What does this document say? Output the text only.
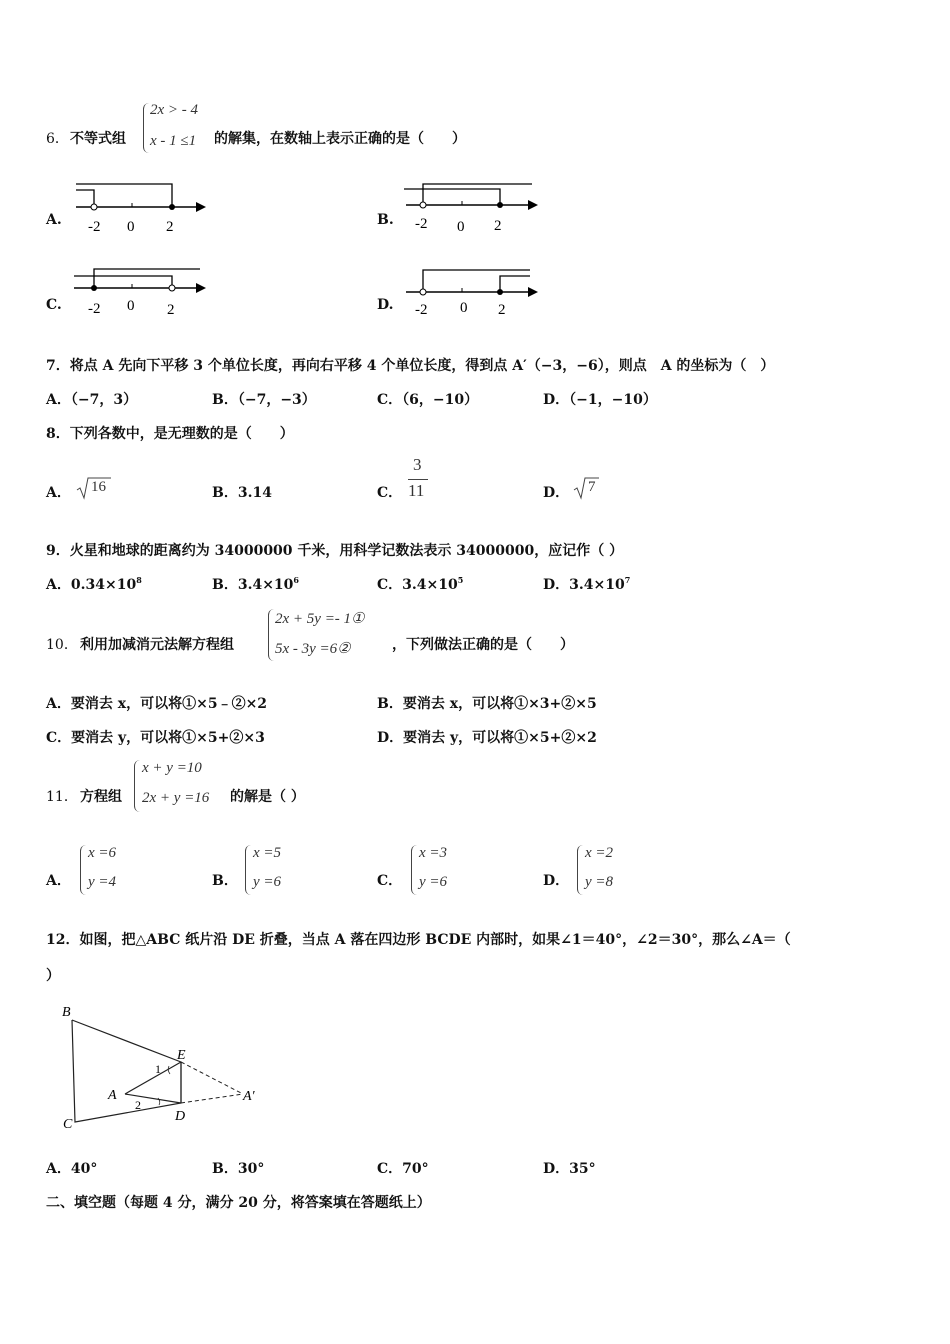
6． 不等式组
2x > - 4
x - 1 ≤1 的解集，在数轴上表示正确的是（　　）
A. -2 0 2	B. -2 0 2
C. -2 0 2	D. -2 0 2
7．将点 A 先向下平移 3 个单位长度，再向右平移 4 个单位长度，得到点 A′（−3，−6），则点　A 的坐标为（　）
A．（−7，3）	B．（−7，−3）	C．（6，−10）	D．（−1，−10）
8．下列各数中，是无理数的是（　　）
A． 16	B．3.14	C．
3
11	D． 7
9．火星和地球的距离约为 34000000 千米，用科学记数法表示 34000000，应记作（ ）
A．$0.34\times 10^8$	B．$3.4\times 10^6$	C．$3.4\times 10^5$	D．$3.4\times 10^7$
10． 利用加减消元法解方程组
2x + 5y =- 1①
5x - 3y =6②	，下列做法正确的是（　　）
A．要消去 x，可以将①×5﹣②×2	B．要消去 x，可以将①×3+②×5
C．要消去 y，可以将①×5+②×3	D．要消去 y，可以将①×5+②×2
11． 方程组
x + y =10
2x + y =16 的解是（ ）
A．
x =6
y =4	B．
x =5
y =6	C．
x =3
y =6	D．
x =2
y =8
12．如图，把△ABC 纸片沿 DE 折叠，当点 A 落在四边形 BCDE 内部时，如果∠1＝40°，∠2＝30°，那么∠A＝（
）
B
C
E
D
A	A′
1
2
A．40°	B．30°	C．70°	D．35°
二、填空题（每题 4 分，满分 20 分，将答案填在答题纸上）
